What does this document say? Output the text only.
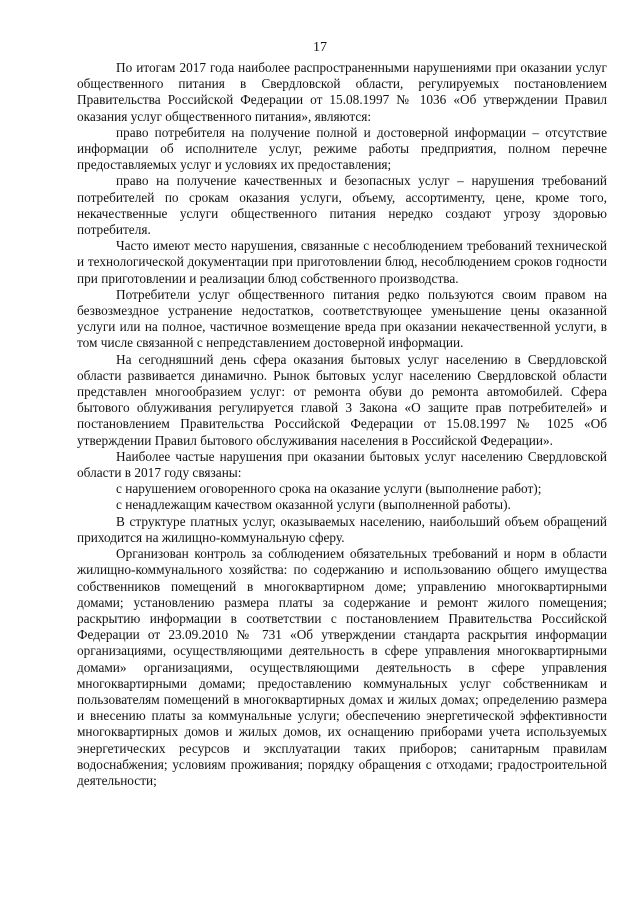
17

По итогам 2017 года наиболее распространенными нарушениями при оказании услуг общественного питания в Свердловской области, регулируемых постановлением Правительства Российской Федерации от 15.08.1997 № 1036 «Об утверждении Правил оказания услуг общественного питания», являются:

право потребителя на получение полной и достоверной информации – отсутствие информации об исполнителе услуг, режиме работы предприятия, полном перечне предоставляемых услуг и условиях их предоставления;

право на получение качественных и безопасных услуг – нарушения требований потребителей по срокам оказания услуги, объему, ассортименту, цене, кроме того, некачественные услуги общественного питания нередко создают угрозу здоровью потребителя.

Часто имеют место нарушения, связанные с несоблюдением требований технической и технологической документации при приготовлении блюд, несоблюдением сроков годности при приготовлении и реализации блюд собственного производства.

Потребители услуг общественного питания редко пользуются своим правом на безвозмездное устранение недостатков, соответствующее уменьшение цены оказанной услуги или на полное, частичное возмещение вреда при оказании некачественной услуги, в том числе связанной с непредставлением достоверной информации.

На сегодняшний день сфера оказания бытовых услуг населению в Свердловской области развивается динамично. Рынок бытовых услуг населению Свердловской области представлен многообразием услуг: от ремонта обуви до ремонта автомобилей. Сфера бытового облуживания регулируется главой 3 Закона «О защите прав потребителей» и постановлением Правительства Российской Федерации от 15.08.1997 № 1025 «Об утверждении Правил бытового обслуживания населения в Российской Федерации».

Наиболее частые нарушения при оказании бытовых услуг населению Свердловской области в 2017 году связаны:

с нарушением оговоренного срока на оказание услуги (выполнение работ);

с ненадлежащим качеством оказанной услуги (выполненной работы).

В структуре платных услуг, оказываемых населению, наибольший объем обращений приходится на жилищно-коммунальную сферу.

Организован контроль за соблюдением обязательных требований и норм в области жилищно-коммунального хозяйства: по содержанию и использованию общего имущества собственников помещений в многоквартирном доме; управлению многоквартирными домами; установлению размера платы за содержание и ремонт жилого помещения; раскрытию информации в соответствии с постановлением Правительства Российской Федерации от 23.09.2010 № 731 «Об утверждении стандарта раскрытия информации организациями, осуществляющими деятельность в сфере управления многоквартирными домами» организациями, осуществляющими деятельность в сфере управления многоквартирными домами; предоставлению коммунальных услуг собственникам и пользователям помещений в многоквартирных домах и жилых домах; определению размера и внесению платы за коммунальные услуги; обеспечению энергетической эффективности многоквартирных домов и жилых домов, их оснащению приборами учета используемых энергетических ресурсов и эксплуатации таких приборов; санитарным правилам водоснабжения; условиям проживания; порядку обращения с отходами; градостроительной деятельности;
